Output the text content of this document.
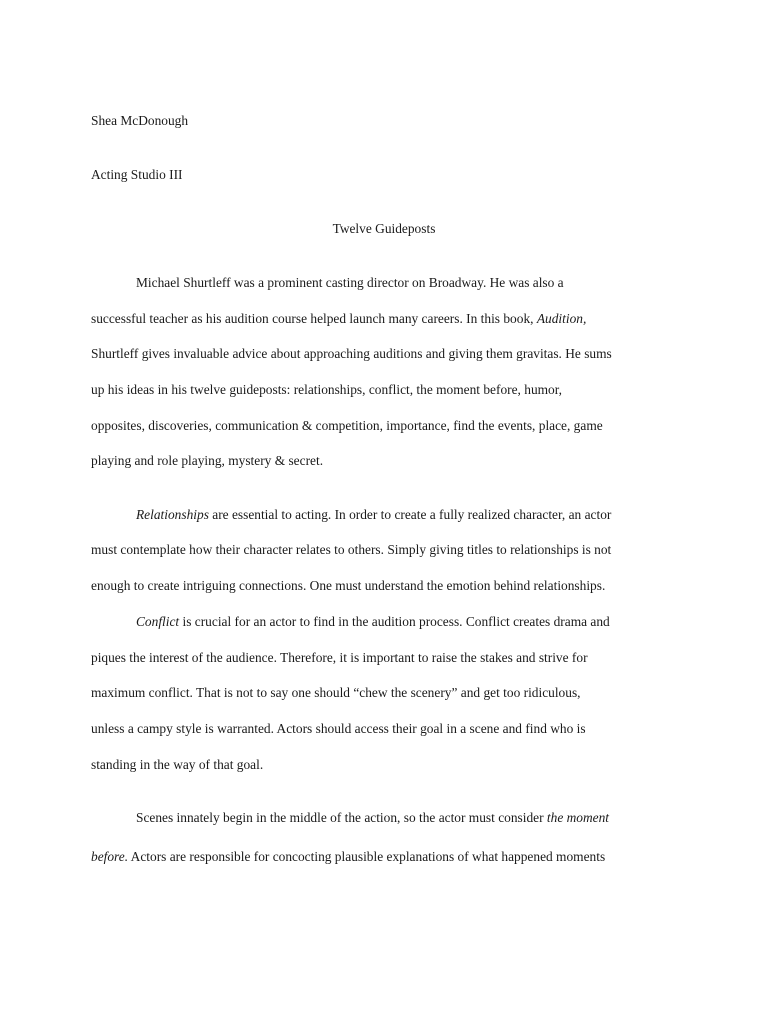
Shea McDonough
Acting Studio III
Twelve Guideposts
Michael Shurtleff was a prominent casting director on Broadway. He was also a
successful teacher as his audition course helped launch many careers. In this book, Audition,
Shurtleff gives invaluable advice about approaching auditions and giving them gravitas. He sums
up his ideas in his twelve guideposts: relationships, conflict, the moment before, humor,
opposites, discoveries, communication & competition, importance, find the events, place, game
playing and role playing, mystery & secret.
Relationships are essential to acting. In order to create a fully realized character, an actor
must contemplate how their character relates to others. Simply giving titles to relationships is not
enough to create intriguing connections. One must understand the emotion behind relationships.
Conflict is crucial for an actor to find in the audition process. Conflict creates drama and
piques the interest of the audience. Therefore, it is important to raise the stakes and strive for
maximum conflict. That is not to say one should “chew the scenery” and get too ridiculous,
unless a campy style is warranted. Actors should access their goal in a scene and find who is
standing in the way of that goal.
Scenes innately begin in the middle of the action, so the actor must consider the moment
before. Actors are responsible for concocting plausible explanations of what happened moments
